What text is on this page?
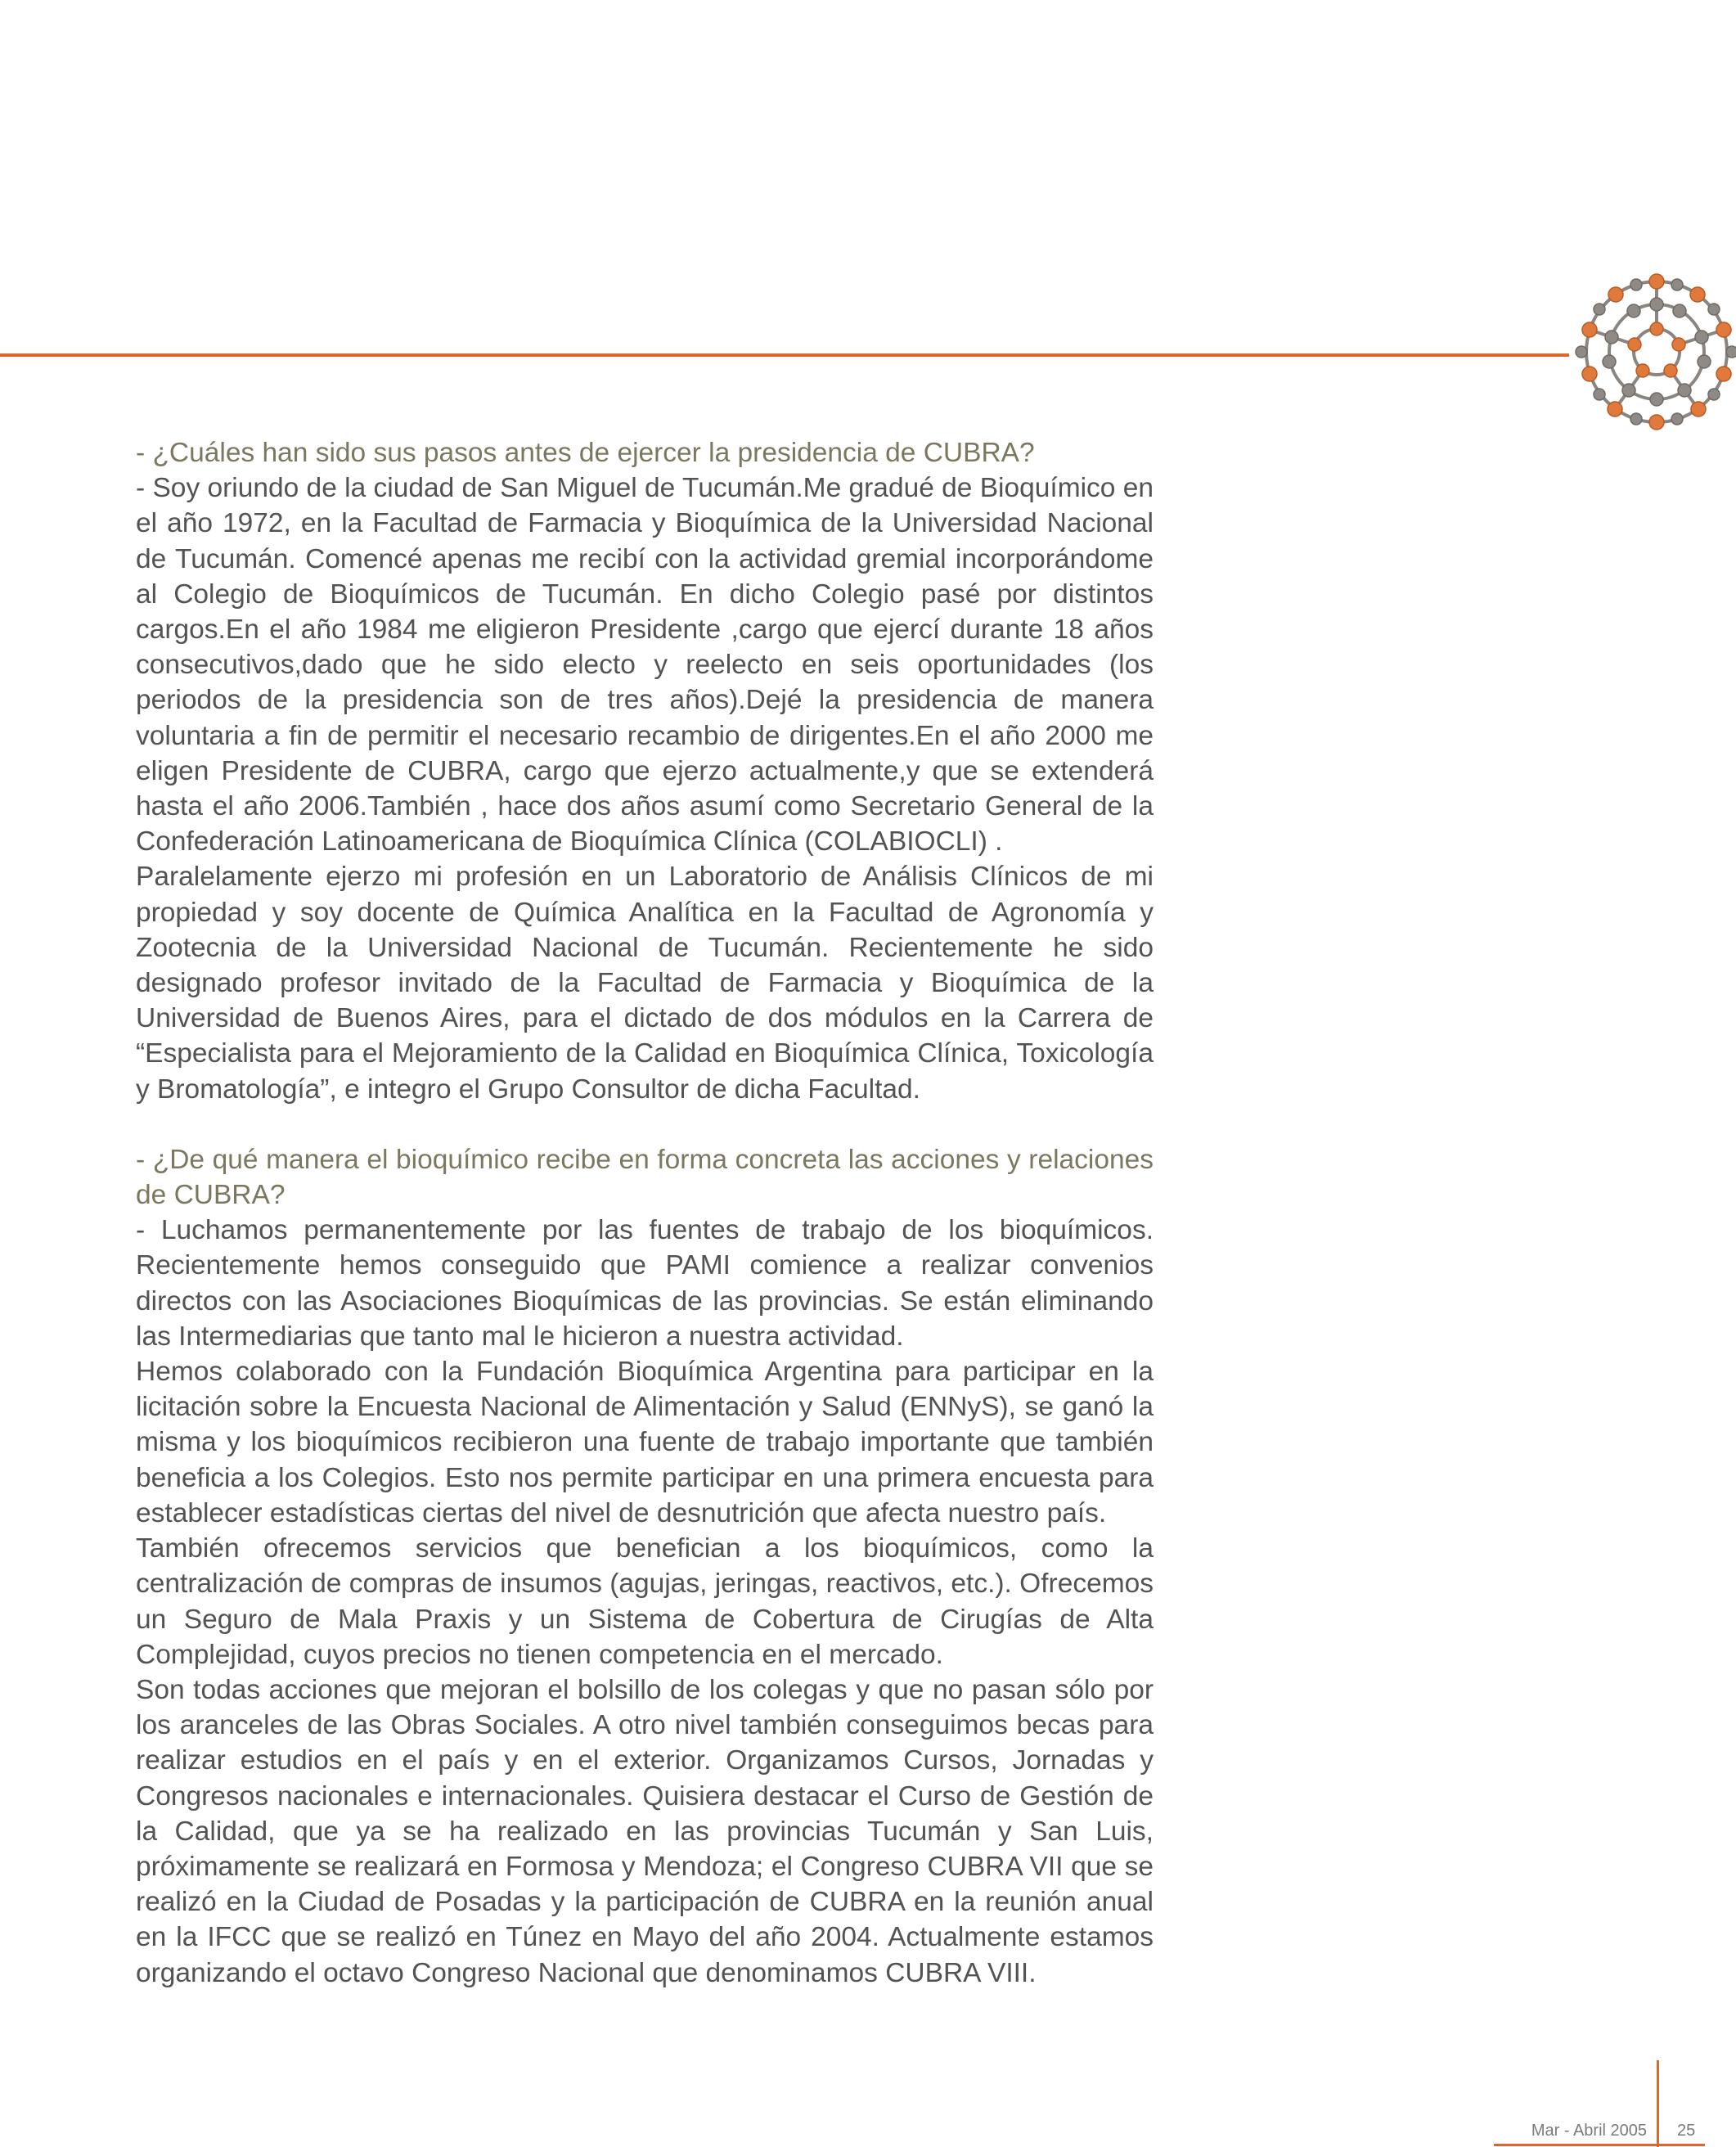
- ¿Cuáles han sido sus pasos antes de ejercer la presidencia de CUBRA?

- Soy oriundo de la ciudad de San Miguel de Tucumán.Me gradué de Bioquímico en el año 1972, en la Facultad de Farmacia y Bioquímica de la Universidad Nacional de Tucumán. Comencé apenas me recibí con la actividad gremial incorporándome al Colegio de Bioquímicos de Tucumán. En dicho Colegio pasé por distintos cargos.En el año 1984 me eligieron Presidente ,cargo que ejercí durante 18 años consecutivos,dado que he sido electo y reelecto en seis oportunidades (los periodos de la presidencia son de tres años).Dejé la presidencia de manera voluntaria a fin de permitir el necesario recambio de dirigentes.En el año 2000 me eligen Presidente de CUBRA, cargo que ejerzo actualmente,y que se extenderá hasta el año 2006.También , hace dos años asumí como Secretario General de la Confederación Latinoamericana de Bioquímica Clínica (COLABIOCLI) .

Paralelamente ejerzo mi profesión en un Laboratorio de Análisis Clínicos de mi propiedad y soy docente de Química Analítica en la Facultad de Agronomía y Zootecnia de la Universidad Nacional de Tucumán. Recientemente he sido designado profesor invitado de la Facultad de Farmacia y Bioquímica de la Universidad de Buenos Aires, para el dictado de dos módulos en la Carrera de “Especialista para el Mejoramiento de la Calidad en Bioquímica Clínica, Toxicología y Bromatología”, e integro el Grupo Consultor de dicha Facultad.

- ¿De qué manera el bioquímico recibe en forma concreta las acciones y relaciones de CUBRA?

- Luchamos permanentemente por las fuentes de trabajo de los bioquímicos. Recientemente hemos conseguido que PAMI comience a realizar convenios directos con las Asociaciones Bioquímicas de las provincias. Se están eliminando las Intermediarias que tanto mal le hicieron a nuestra actividad.

Hemos colaborado con la Fundación Bioquímica Argentina para participar en la licitación sobre la Encuesta Nacional de Alimentación y Salud (ENNyS), se ganó la misma y los bioquímicos recibieron una fuente de trabajo importante que también beneficia a los Colegios. Esto nos permite participar en una primera encuesta para establecer estadísticas ciertas del nivel de desnutrición que afecta nuestro país.

También ofrecemos servicios que benefician a los bioquímicos, como la centralización de compras de insumos (agujas, jeringas, reactivos, etc.). Ofrecemos un Seguro de Mala Praxis y un Sistema de Cobertura de Cirugías de Alta Complejidad, cuyos precios no tienen competencia en el mercado.

Son todas acciones que mejoran el bolsillo de los colegas y que no pasan sólo por los aranceles de las Obras Sociales. A otro nivel también conseguimos becas para realizar estudios en el país y en el exterior. Organizamos Cursos, Jornadas y Congresos nacionales e internacionales. Quisiera destacar el Curso de Gestión de la Calidad, que ya se ha realizado en las provincias Tucumán y San Luis, próximamente se realizará en Formosa y Mendoza; el Congreso CUBRA VII que se realizó en la Ciudad de Posadas y la participación de CUBRA en la reunión anual en la IFCC que se realizó en Túnez en Mayo del año 2004. Actualmente estamos organizando el octavo Congreso Nacional que denominamos CUBRA VIII.

Mar - Abril 2005 25
